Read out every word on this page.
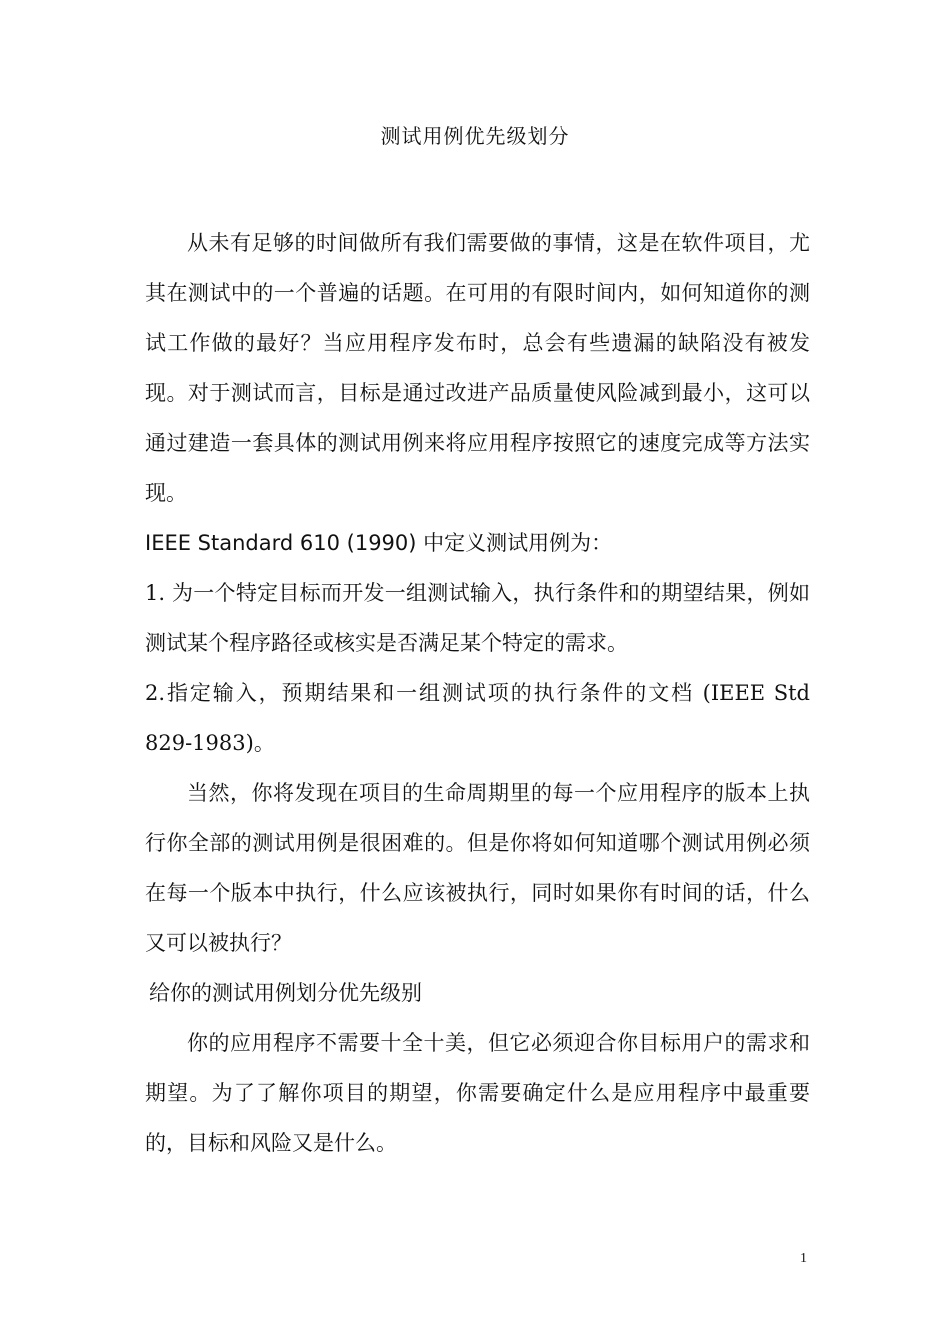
测试用例优先级划分

从未有足够的时间做所有我们需要做的事情，这是在软件项目，尤其在测试中的一个普遍的话题。在可用的有限时间内，如何知道你的测试工作做的最好？当应用程序发布时，总会有些遗漏的缺陷没有被发现。对于测试而言，目标是通过改进产品质量使风险减到最小，这可以通过建造一套具体的测试用例来将应用程序按照它的速度完成等方法实现。

IEEE Standard 610 (1990) 中定义测试用例为：

1. 为一个特定目标而开发一组测试输入，执行条件和的期望结果，例如测试某个程序路径或核实是否满足某个特定的需求。

2.指定输入，预期结果和一组测试项的执行条件的文档 (IEEE Std 829-1983)。

当然，你将发现在项目的生命周期里的每一个应用程序的版本上执行你全部的测试用例是很困难的。但是你将如何知道哪个测试用例必须在每一个版本中执行，什么应该被执行，同时如果你有时间的话，什么又可以被执行？

给你的测试用例划分优先级别

你的应用程序不需要十全十美，但它必须迎合你目标用户的需求和期望。为了了解你项目的期望，你需要确定什么是应用程序中最重要的，目标和风险又是什么。

1
